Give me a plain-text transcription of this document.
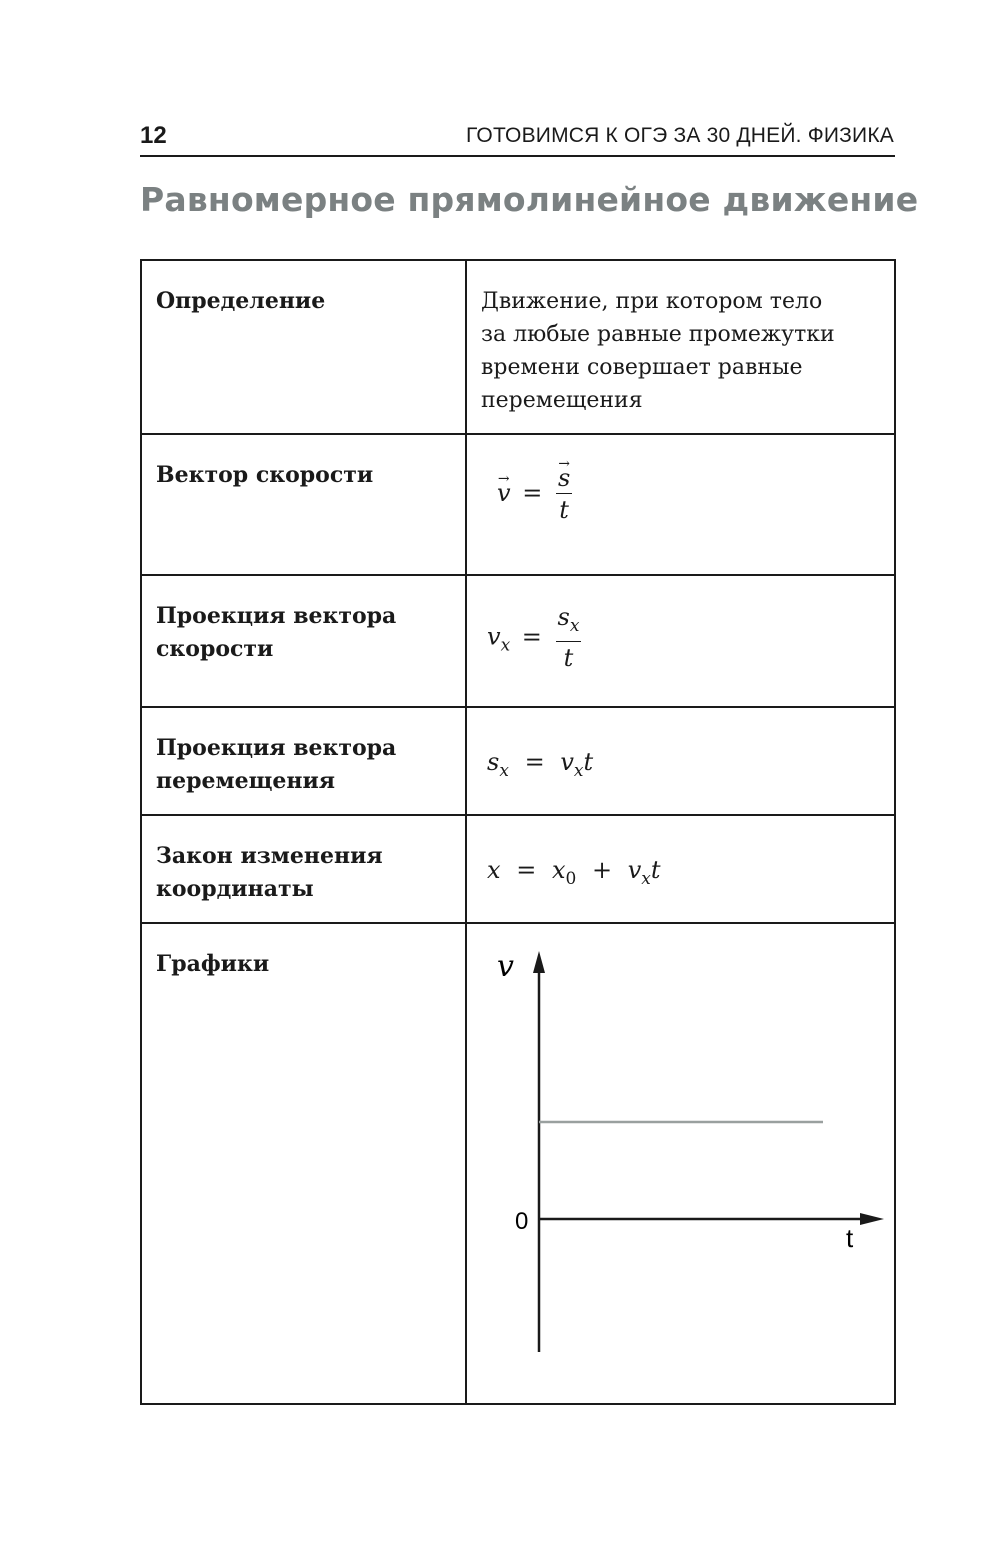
12	ГОТОВИМСЯ К ОГЭ ЗА 30 ДНЕЙ. ФИЗИКА
Равномерное прямолинейное движение
Определение	Движение, при котором тело
за любые равные промежутки
времени совершает равные
перемещения

Вектор скорости	→ v = → $\frac{s}{t}$

Проекция вектора скорости	$v_x = \frac{s_x}{t}$

Проекция вектора перемещения	$s_x = v_xt$

Закон изменения координаты	$x = x_0 + v_xt$

Графики	v
t
0
